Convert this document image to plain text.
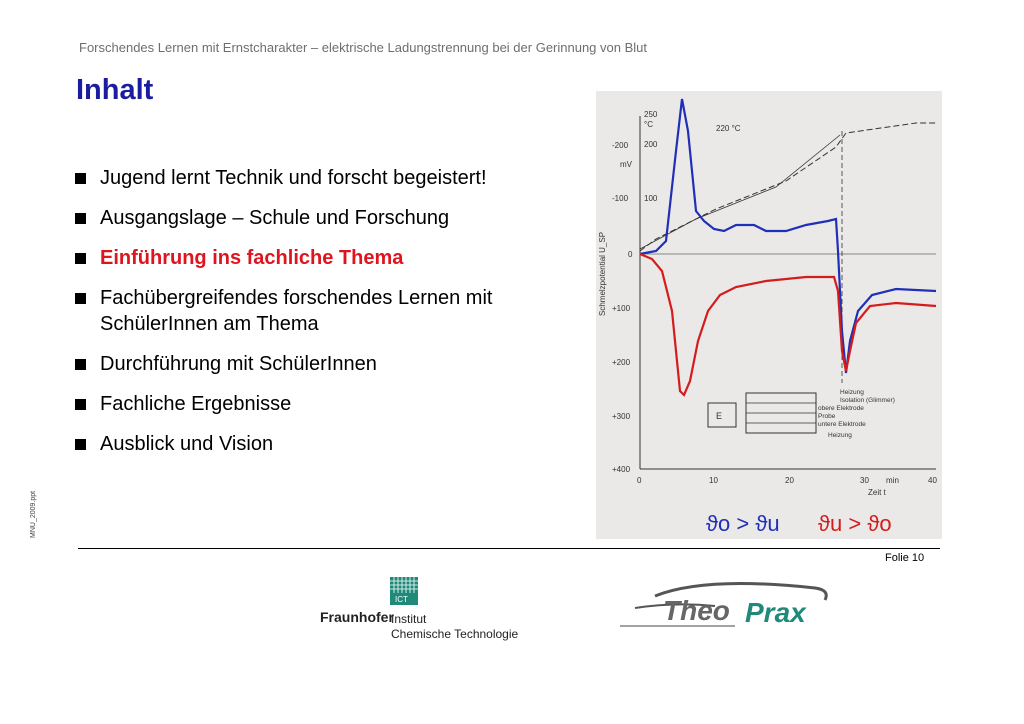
Forschendes Lernen mit Ernstcharakter – elektrische Ladungstrennung bei der Gerinnung von Blut
Inhalt
Jugend lernt Technik und forscht begeistert!
Ausgangslage – Schule und Forschung
Einführung ins fachliche Thema
Fachübergreifendes forschendes Lernen mit SchülerInnen am Thema
Durchführung mit SchülerInnen
Fachliche Ergebnisse
Ausblick und Vision
MNU_2009.ppt
250
°C
200
100
220 °C
mV
-200
-100
0
+100
+200
+300
+400
Schmelzpotential U_SP
0	10	20	30	40
min
Zeit t
E
Heizung
Isolation (Glimmer)
obere Elektrode
Probe
untere Elektrode
Heizung
ϑo > ϑu ϑu > ϑo
Folie 10
ICT
Fraunhofer
Institut
Chemische Technologie
Theo Prax
